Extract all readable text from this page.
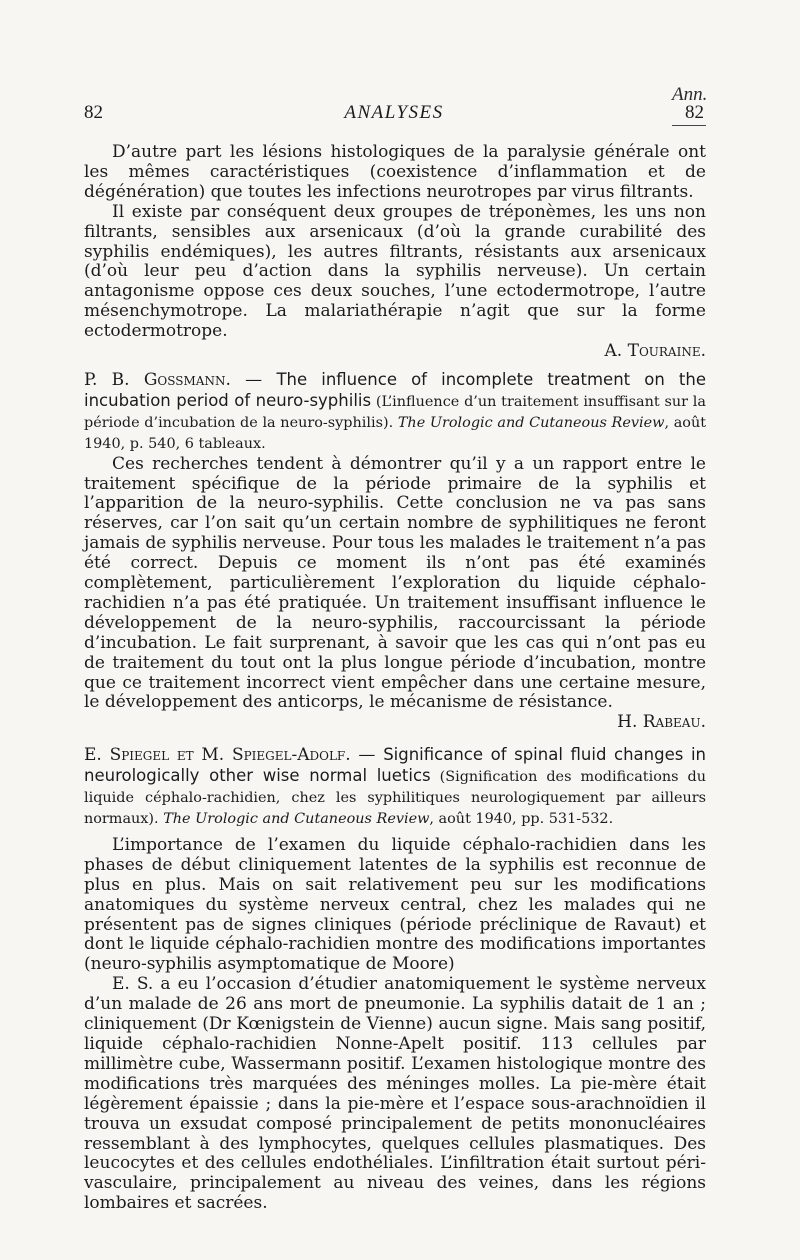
Ann.
82	ANALYSES	82

D’autre part les lésions histologiques de la paralysie générale ont les mêmes caractéristiques (coexistence d’inflammation et de dégénération) que toutes les infections neurotropes par virus filtrants.

Il existe par conséquent deux groupes de tréponèmes, les uns non filtrants, sensibles aux arsenicaux (d’où la grande curabilité des syphilis endémiques), les autres filtrants, résistants aux arsenicaux (d’où leur peu d’action dans la syphilis nerveuse). Un certain antagonisme oppose ces deux souches, l’une ectodermotrope, l’autre mésenchymotrope. La malariathérapie n’agit que sur la forme ectodermotrope.

A. Touraine.

P. B. Gossmann. — The influence of incomplete treatment on the incubation period of neuro-syphilis (L’influence d’un traitement insuffisant sur la période d’incubation de la neuro-syphilis). The Urologic and Cutaneous Review, août 1940, p. 540, 6 tableaux.

Ces recherches tendent à démontrer qu’il y a un rapport entre le traitement spécifique de la période primaire de la syphilis et l’apparition de la neuro-syphilis. Cette conclusion ne va pas sans réserves, car l’on sait qu’un certain nombre de syphilitiques ne feront jamais de syphilis nerveuse. Pour tous les malades le traitement n’a pas été correct. Depuis ce moment ils n’ont pas été examinés complètement, particulièrement l’exploration du liquide céphalo-rachidien n’a pas été pratiquée. Un traitement insuffisant influence le développement de la neuro-syphilis, raccourcissant la période d’incubation. Le fait surprenant, à savoir que les cas qui n’ont pas eu de traitement du tout ont la plus longue période d’incubation, montre que ce traitement incorrect vient empêcher dans une certaine mesure, le développement des anticorps, le mécanisme de résistance.

H. Rabeau.

E. Spiegel et M. Spiegel-Adolf. — Significance of spinal fluid changes in neurologically other wise normal luetics (Signification des modifications du liquide céphalo-rachidien, chez les syphilitiques neurologiquement par ailleurs normaux). The Urologic and Cutaneous Review, août 1940, pp. 531-532.

L’importance de l’examen du liquide céphalo-rachidien dans les phases de début cliniquement latentes de la syphilis est reconnue de plus en plus. Mais on sait relativement peu sur les modifications anatomiques du système nerveux central, chez les malades qui ne présentent pas de signes cliniques (période préclinique de Ravaut) et dont le liquide céphalo-rachidien montre des modifications importantes (neuro-syphilis asymptomatique de Moore)

E. S. a eu l’occasion d’étudier anatomiquement le système nerveux d’un malade de 26 ans mort de pneumonie. La syphilis datait de 1 an ; cliniquement (Dr Kœnigstein de Vienne) aucun signe. Mais sang positif, liquide céphalo-rachidien Nonne-Apelt positif. 113 cellules par millimètre cube, Wassermann positif. L’examen histologique montre des modifications très marquées des méninges molles. La pie-mère était légèrement épaissie ; dans la pie-mère et l’espace sous-arachnoïdien il trouva un exsudat composé principalement de petits mononucléaires ressemblant à des lymphocytes, quelques cellules plasmatiques. Des leucocytes et des cellules endothéliales. L’infiltration était surtout péri-vasculaire, principalement au niveau des veines, dans les régions lombaires et sacrées.
